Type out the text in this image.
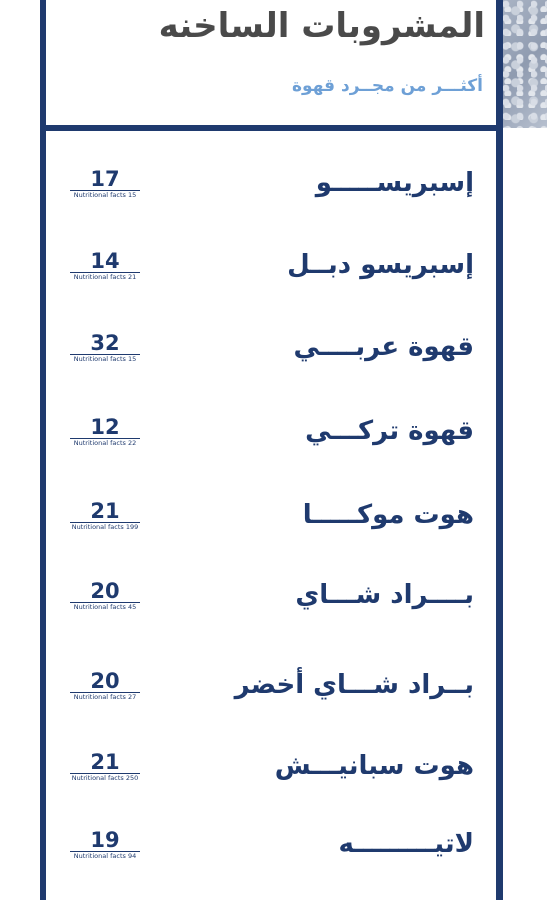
المشروبات الساخنه
أكثـــر من مجــرد قهوة
إسبريســـــو
17
Nutritional facts 15
إسبريسو دبــل
14
Nutritional facts 21
قهوة عربــــي
32
Nutritional facts 15
قهوة تركـــي
12
Nutritional facts 22
هوت موكـــــا
21
Nutritional facts 199
بــــراد شـــاي
20
Nutritional facts 45
بــراد شـــاي أخضر
20
Nutritional facts 27
هوت سبانيـــش
21
Nutritional facts 250
لاتيـــــــــه
19
Nutritional facts 94
